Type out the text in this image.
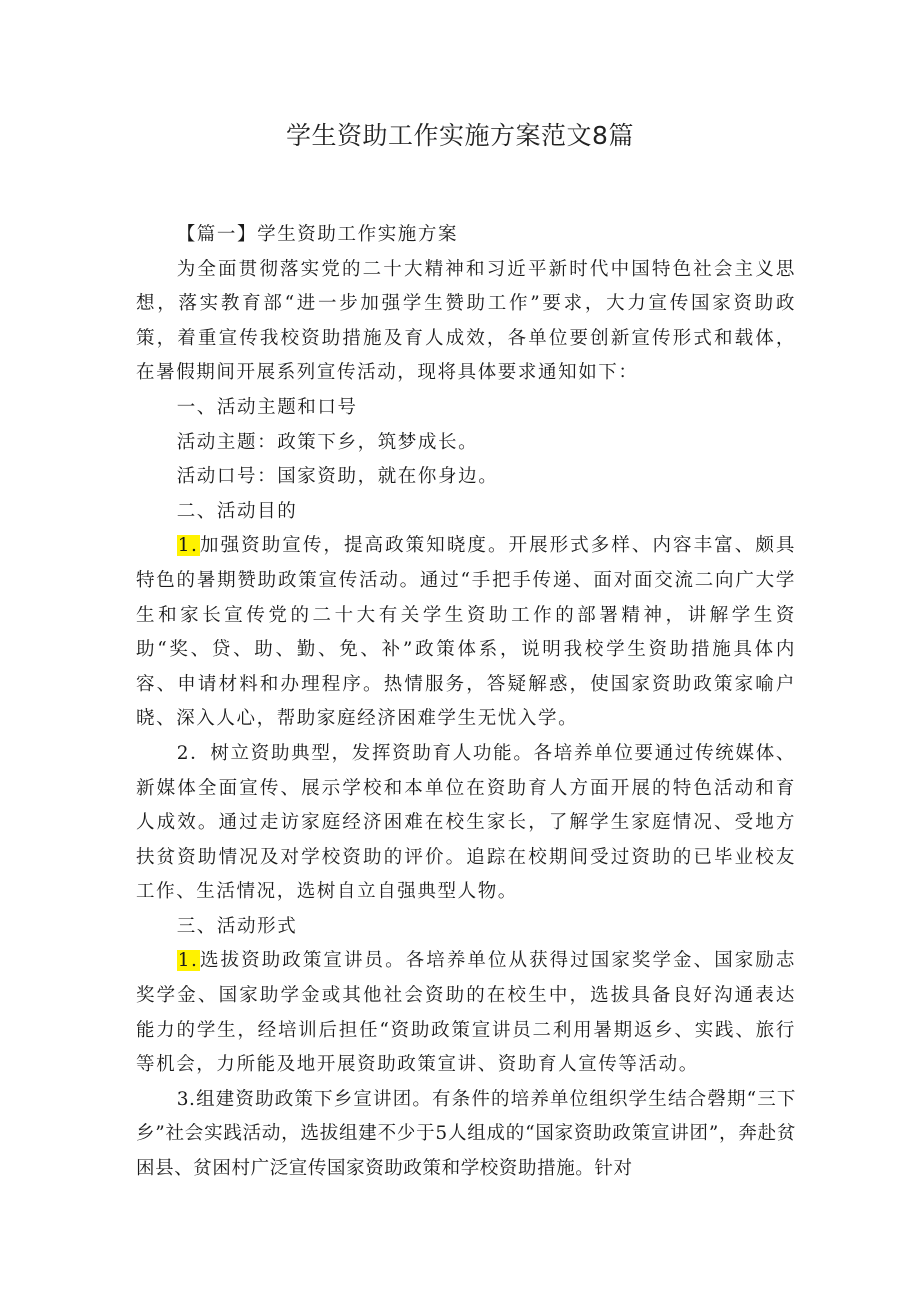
学生资助工作实施方案范文8篇

【篇一】学生资助工作实施方案

为全面贯彻落实党的二十大精神和习近平新时代中国特色社会主义思想，落实教育部“进一步加强学生赞助工作”要求，大力宣传国家资助政策，着重宣传我校资助措施及育人成效，各单位要创新宣传形式和载体，在暑假期间开展系列宣传活动，现将具体要求通知如下：

一、活动主题和口号

活动主题：政策下乡，筑梦成长。

活动口号：国家资助，就在你身边。

二、活动目的

1.加强资助宣传，提高政策知晓度。开展形式多样、内容丰富、颇具特色的暑期赞助政策宣传活动。通过“手把手传递、面对面交流二向广大学生和家长宣传党的二十大有关学生资助工作的部署精神，讲解学生资助“奖、贷、助、勤、免、补”政策体系，说明我校学生资助措施具体内容、申请材料和办理程序。热情服务，答疑解惑，使国家资助政策家喻户晓、深入人心，帮助家庭经济困难学生无忧入学。

2．树立资助典型，发挥资助育人功能。各培养单位要通过传统媒体、新媒体全面宣传、展示学校和本单位在资助育人方面开展的特色活动和育人成效。通过走访家庭经济困难在校生家长，了解学生家庭情况、受地方扶贫资助情况及对学校资助的评价。追踪在校期间受过资助的已毕业校友工作、生活情况，选树自立自强典型人物。

三、活动形式

1.选拔资助政策宣讲员。各培养单位从获得过国家奖学金、国家励志奖学金、国家助学金或其他社会资助的在校生中，选拔具备良好沟通表达能力的学生，经培训后担任“资助政策宣讲员二利用暑期返乡、实践、旅行等机会，力所能及地开展资助政策宣讲、资助育人宣传等活动。

3.组建资助政策下乡宣讲团。有条件的培养单位组织学生结合磬期“三下乡”社会实践活动，选拔组建不少于5人组成的“国家资助政策宣讲团”，奔赴贫困县、贫困村广泛宣传国家资助政策和学校资助措施。针对
